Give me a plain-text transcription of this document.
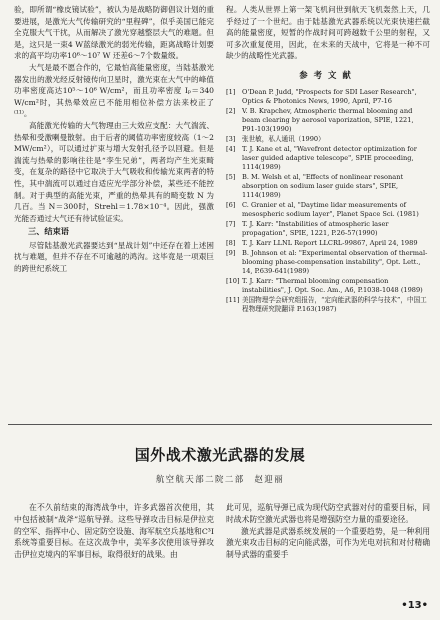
验，即所谓“橡皮镜试验”，被认为是战略防御倡议计划的重要进展，是激光大气传输研究的“里程碑”，似乎美国已能完全克服大气干扰，从而解决了激光穿越整层大气的难题。但是，这只是一束4 W蓝绿激光的弱光传输，距离战略计划要求的高平均功率10⁶～10⁷ W 还差6～7个数量级。

大气是最不愿合作的，它最怕高能量密度，当陆基激光器发出的激光经反射镜传向卫星时，激光束在大气中的峰值功率密度高达10⁵～10⁶ W/cm²，而且功率密度 Iₚ＝340 W/cm²时，其热晕效应已不能用相位补偿方法来校正了⁽¹¹⁾。

高能激光传输的大气物理由三大效应支配：大气湍流、热晕和受激喇曼散射。由于后者的阈值功率密度较高（1～2 MW/cm²），可以通过扩束与增大发射孔径予以回避。但是湍流与热晕的影响往往是“孪生兄弟”，两者均产生光束畸变，在复杂的路径中它取决于大气吸收和传输光束两者的特性，其中湍流可以通过自适应光学部分补偿，某些还不能控制。对于典型的高能光束，严重的热晕具有的畸变数 N 为几百。当 N＝300时，Strehl＝1.78×10⁻⁴。因此，强激光能否通过大气还有待试验证实。

三、结束语

尽管陆基激光武器要达到“星战计划”中还存在着上述困扰与难题，但并不存在不可逾越的鸿沟。这毕竟是一项艰巨的跨世纪系统工

程。人类从世界上第一架飞机问世到航天飞机轰然上天，几乎经过了一个世纪。由于陆基激光武器系统以光束快速拦截高的能量密度，短暂的作战时间可跨越数千公里的射程，又可多次重复使用，因此，在未来的天战中，它将是一种不可缺少的战略性光武器。

参考文献
[1]	O'Dean P. Judd, "Prospects for SDI Laser Research", Optics & Photonics News, 1990, April, P7-16
[2]	V. B. Krapchev, Atmospheric thermal blooming and beam clearing by aerosol vaporization, SPIE, 1221, P91-103(1990)
[3]	张世敏，私人通讯（1990）
[4]	T. J. Kane et al, "Wavefront detector optimization for laser guided adaptive telescope", SPIE proceeding, 1114(1989)
[5]	B. M. Welsh et al, "Effects of nonlinear resonant absorption on sodium laser guide stars", SPIE, 1114(1989)
[6]	C. Granier et al, "Daytime lidar measurements of mesospheric sodium layer", Planet Space Sci. (1981)
[7]	T. J. Karr: "Instabilities of atmospheric laser propagation", SPIE, 1221, P.26-57(1990)
[8]	T. J. Karr LLNL Report LLCRL-99867, April 24, 1989
[9]	B. Johnson et al: "Experimental observation of thermal-blooming phase-compensation instability", Opt. Lett., 14, P.639-641(1989)
[10] T. J. Karr: "Thermal blooming compensation instabilities", J. Opt. Soc. Am., A6, P.1038-1048 (1989)
[11] 美国物理学会研究组报告，“定向能武器的科学与技术”，中国工程物理研究院翻译 P.163(1987)
国外战术激光武器的发展
航空航天部二院二部　赵迎丽

在不久前结束的海湾战争中，许多武器首次使用，其中包括被制“战斧”巡航导弹。这些导弹攻击目标是伊拉克的空军、指挥中心、固定防空设施、海军航空兵基地和C³I系统等重要目标。在这次战争中，美军多次使用该导弹攻击伊拉克境内的军事目标，取得很好的战果。由

此可见，巡航导弹已成为现代防空武器对付的重要目标，同时战术防空激光武器也将是增强防空力量的重要途径。

激光武器是武器系统发展的一个重要趋势，是一种利用激光束攻击目标的定向能武器，可作为光电对抗和对付精确制导武器的重要手

•13•
